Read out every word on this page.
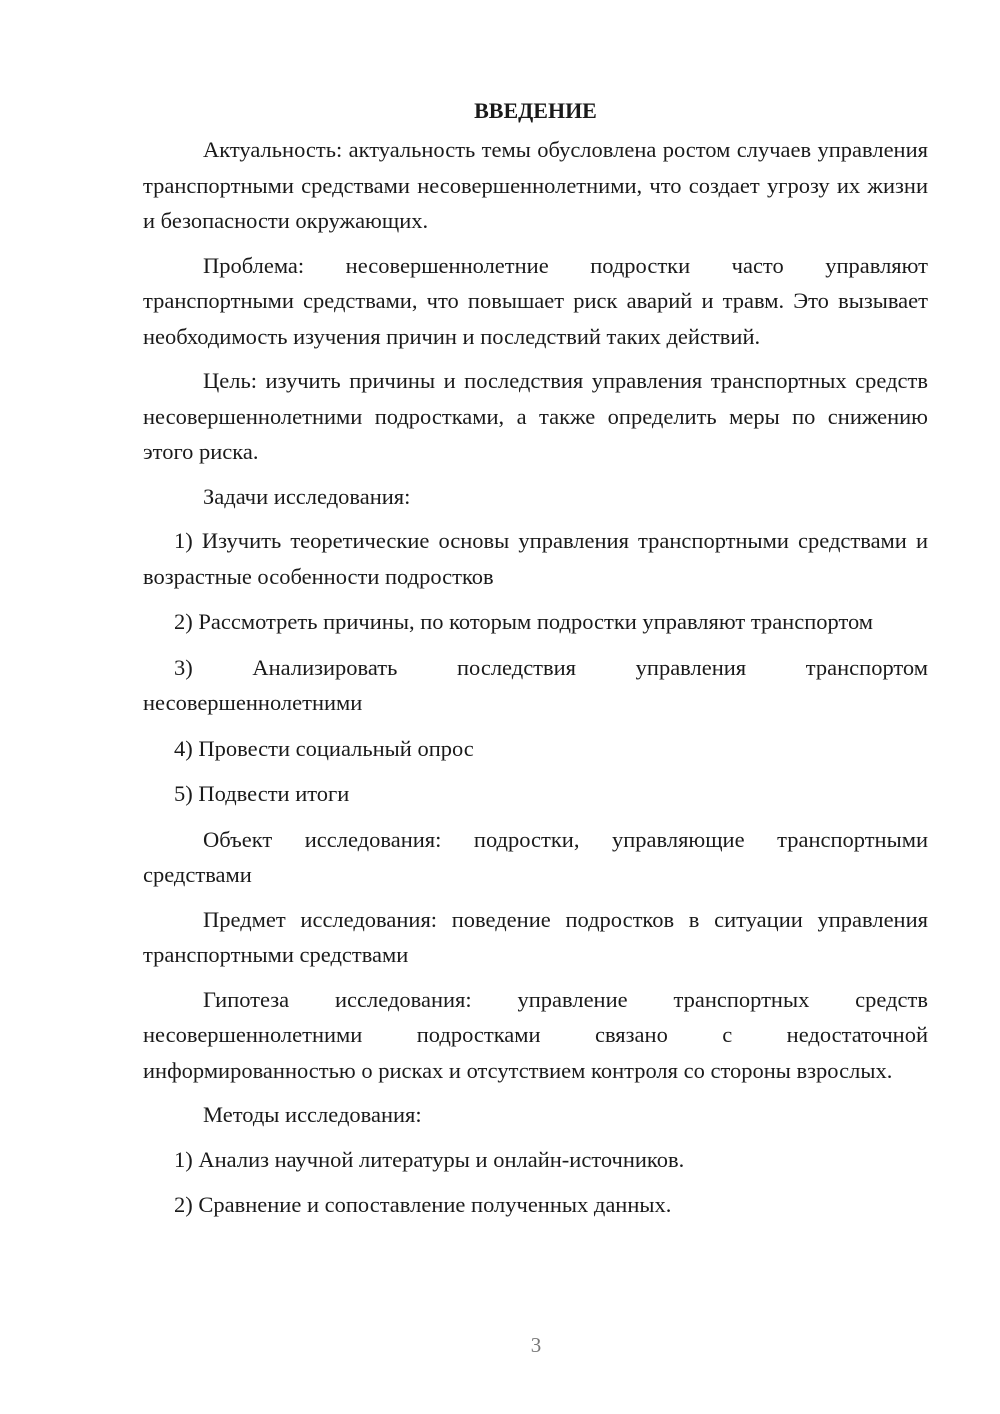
ВВЕДЕНИЕ

Актуальность: актуальность темы обусловлена ростом случаев управления транспортными средствами несовершеннолетними, что создает угрозу их жизни и безопасности окружающих.

Проблема: несовершеннолетние подростки часто управляют транспортными средствами, что повышает риск аварий и травм. Это вызывает необходимость изучения причин и последствий таких действий.

Цель: изучить причины и последствия управления транспортных средств несовершеннолетними подростками, а также определить меры по снижению этого риска.

Задачи исследования:

1) Изучить теоретические основы управления транспортными средствами и возрастные особенности подростков

2) Рассмотреть причины, по которым подростки управляют транспортом

3) Анализировать последствия управления транспортом несовершеннолетними

4) Провести социальный опрос

5) Подвести итоги

Объект исследования: подростки, управляющие транспортными средствами

Предмет исследования: поведение подростков в ситуации управления транспортными средствами

Гипотеза исследования: управление транспортных средств несовершеннолетними подростками связано с недостаточной информированностью о рисках и отсутствием контроля со стороны взрослых.

Методы исследования:

1) Анализ научной литературы и онлайн-источников.

2) Сравнение и сопоставление полученных данных.

3
